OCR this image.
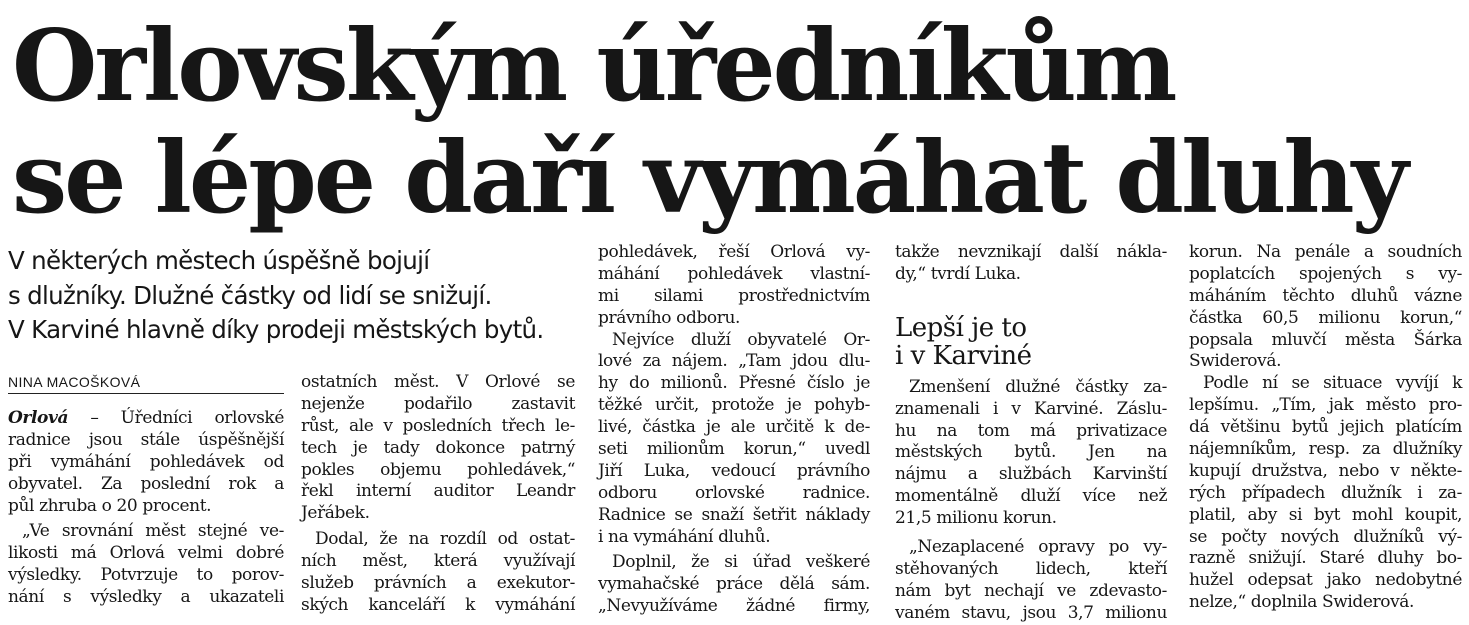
Orlovským úředníkům
se lépe daří vymáhat dluhy
V některých městech úspěšně bojují
s dlužníky. Dlužné částky od lidí se snižují.
V Karviné hlavně díky prodeji městských bytů.
NINA MACOŠKOVÁ
Orlová – Úředníci orlovské
radnice jsou stále úspěšnější
při vymáhání pohledávek od
obyvatel. Za poslední rok a
půl zhruba o 20 procent.
„Ve srovnání měst stejné ve-
likosti má Orlová velmi dobré
výsledky. Potvrzuje to porov-
nání s výsledky a ukazateli
ostatních měst. V Orlové se
nejenže podařilo zastavit
růst, ale v posledních třech le-
tech je tady dokonce patrný
pokles objemu pohledávek,“
řekl interní auditor Leandr
Jeřábek.
Dodal, že na rozdíl od ostat-
ních měst, která využívají
služeb právních a exekutor-
ských kanceláří k vymáhání
pohledávek, řeší Orlová vy-
máhání pohledávek vlastní-
mi silami prostřednictvím
právního odboru.
Nejvíce dluží obyvatelé Or-
lové za nájem. „Tam jdou dlu-
hy do milionů. Přesné číslo je
těžké určit, protože je pohyb-
livé, částka je ale určitě k de-
seti milionům korun,“ uvedl
Jiří Luka, vedoucí právního
odboru orlovské radnice.
Radnice se snaží šetřit náklady
i na vymáhání dluhů.
Doplnil, že si úřad veškeré
vymahačské práce dělá sám.
„Nevyužíváme žádné firmy,
takže nevznikají další nákla-
dy,“ tvrdí Luka.
Lepší je to
i v Karviné
Zmenšení dlužné částky za-
znamenali i v Karviné. Záslu-
hu na tom má privatizace
městských bytů. Jen na
nájmu a službách Karvinští
momentálně dluží více než
21,5 milionu korun.
„Nezaplacené opravy po vy-
stěhovaných lidech, kteří
nám byt nechají ve zdevasto-
vaném stavu, jsou 3,7 milionu
korun. Na penále a soudních
poplatcích spojených s vy-
máháním těchto dluhů vázne
částka 60,5 milionu korun,“
popsala mluvčí města Šárka
Swiderová.
Podle ní se situace vyvíjí k
lepšímu. „Tím, jak město pro-
dá většinu bytů jejich platícím
nájemníkům, resp. za dlužníky
kupují družstva, nebo v někte-
rých případech dlužník i za-
platil, aby si byt mohl koupit,
se počty nových dlužníků vý-
razně snižují. Staré dluhy bo-
hužel odepsat jako nedobytné
nelze,“ doplnila Swiderová.
